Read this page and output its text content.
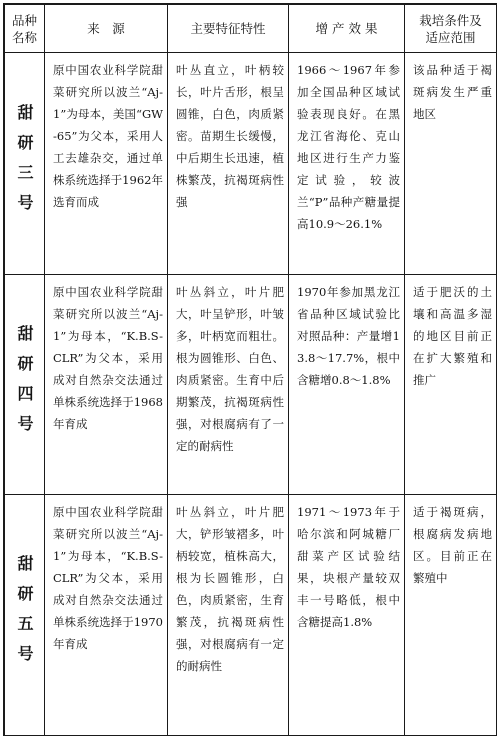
品种
名称
来　源	主要特征特性	增 产 效 果
栽培条件及
适应范围
甜研三号
原中国农业科学院甜菜研究所以波兰“Aj-1”为母本，美国“GW-65”为父本，采用人工去雄杂交，通过单株系统选择于1962年选育而成
叶丛直立，叶柄较长，叶片舌形，根呈圆锥，白色，肉质紧密。苗期生长缓慢，中后期生长迅速，植株繁茂，抗褐斑病性强
1966～1967年参加全国品种区域试验表现良好。在黑龙江省海伦、克山地区进行生产力鉴定试验，较波兰“P”品种产糖量提高10.9～26.1%
该品种适于褐斑病发生严重地区
甜研四号
原中国农业科学院甜菜研究所以波兰“Aj-1”为母本，“K.B.S-CLR”为父本，采用成对自然杂交法通过单株系统选择于1968年育成
叶丛斜立，叶片肥大，叶呈铲形，叶皱多，叶柄宽而粗壮。根为圆锥形、白色、肉质紧密。生育中后期繁茂，抗褐斑病性强，对根腐病有了一定的耐病性
1970年参加黑龙江省品种区域试验比对照品种：产量增13.8～17.7%，根中含糖增0.8～1.8%
适于肥沃的土壤和高温多湿的地区目前正在扩大繁殖和推广
甜研五号
原中国农业科学院甜菜研究所以波兰“Aj-1”为母本，“K.B.S-CLR”为父本，采用成对自然杂交法通过单株系统选择于1970年育成
叶丛斜立，叶片肥大，铲形皱褶多，叶柄较宽，植株高大，根为长圆锥形，白色，肉质紧密，生育繁茂，抗褐斑病性强，对根腐病有一定的耐病性
1971～1973年于哈尔滨和阿城糖厂甜菜产区试验结果，块根产量较双丰一号略低，根中含糖提高1.8%
适于褐斑病，根腐病发病地区。目前正在繁殖中
